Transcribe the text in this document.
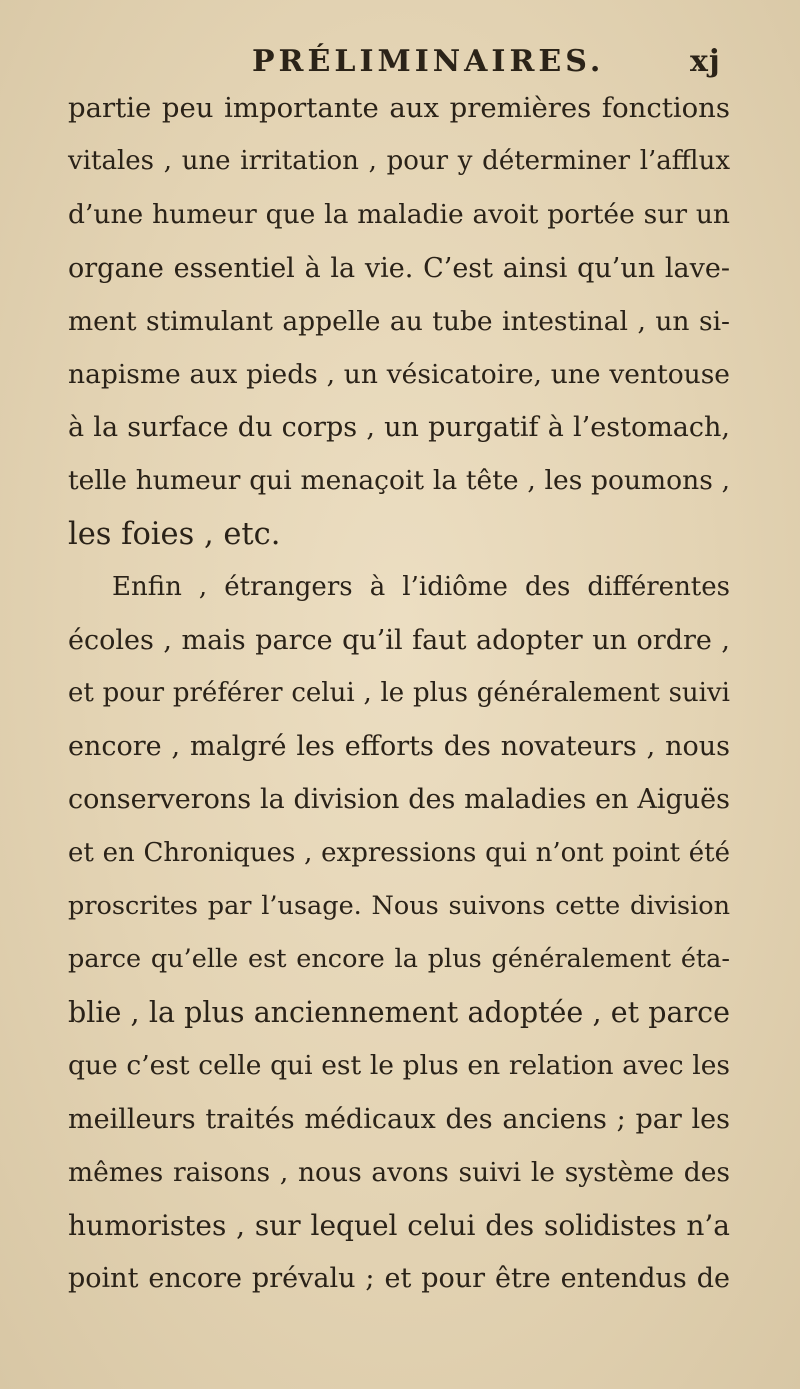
PRÉLIMINAIRES.	xj
partie peu importante aux premières fonctions
vitales , une irritation , pour y déterminer l’afflux
d’une humeur que la maladie avoit portée sur un
organe essentiel à la vie. C’est ainsi qu’un lave-
ment stimulant appelle au tube intestinal , un si-
napisme aux pieds , un vésicatoire, une ventouse
à la surface du corps , un purgatif à l’estomach,
telle humeur qui menaçoit la tête , les poumons ,
les foies , etc.
Enfin , étrangers à l’idiôme des différentes
écoles , mais parce qu’il faut adopter un ordre ,
et pour préférer celui , le plus généralement suivi
encore , malgré les efforts des novateurs , nous
conserverons la division des maladies en Aiguës
et en Chroniques , expressions qui n’ont point été
proscrites par l’usage. Nous suivons cette division
parce qu’elle est encore la plus généralement éta-
blie , la plus anciennement adoptée , et parce
que c’est celle qui est le plus en relation avec les
meilleurs traités médicaux des anciens ; par les
mêmes raisons , nous avons suivi le système des
humoristes , sur lequel celui des solidistes n’a
point encore prévalu ; et pour être entendus de
